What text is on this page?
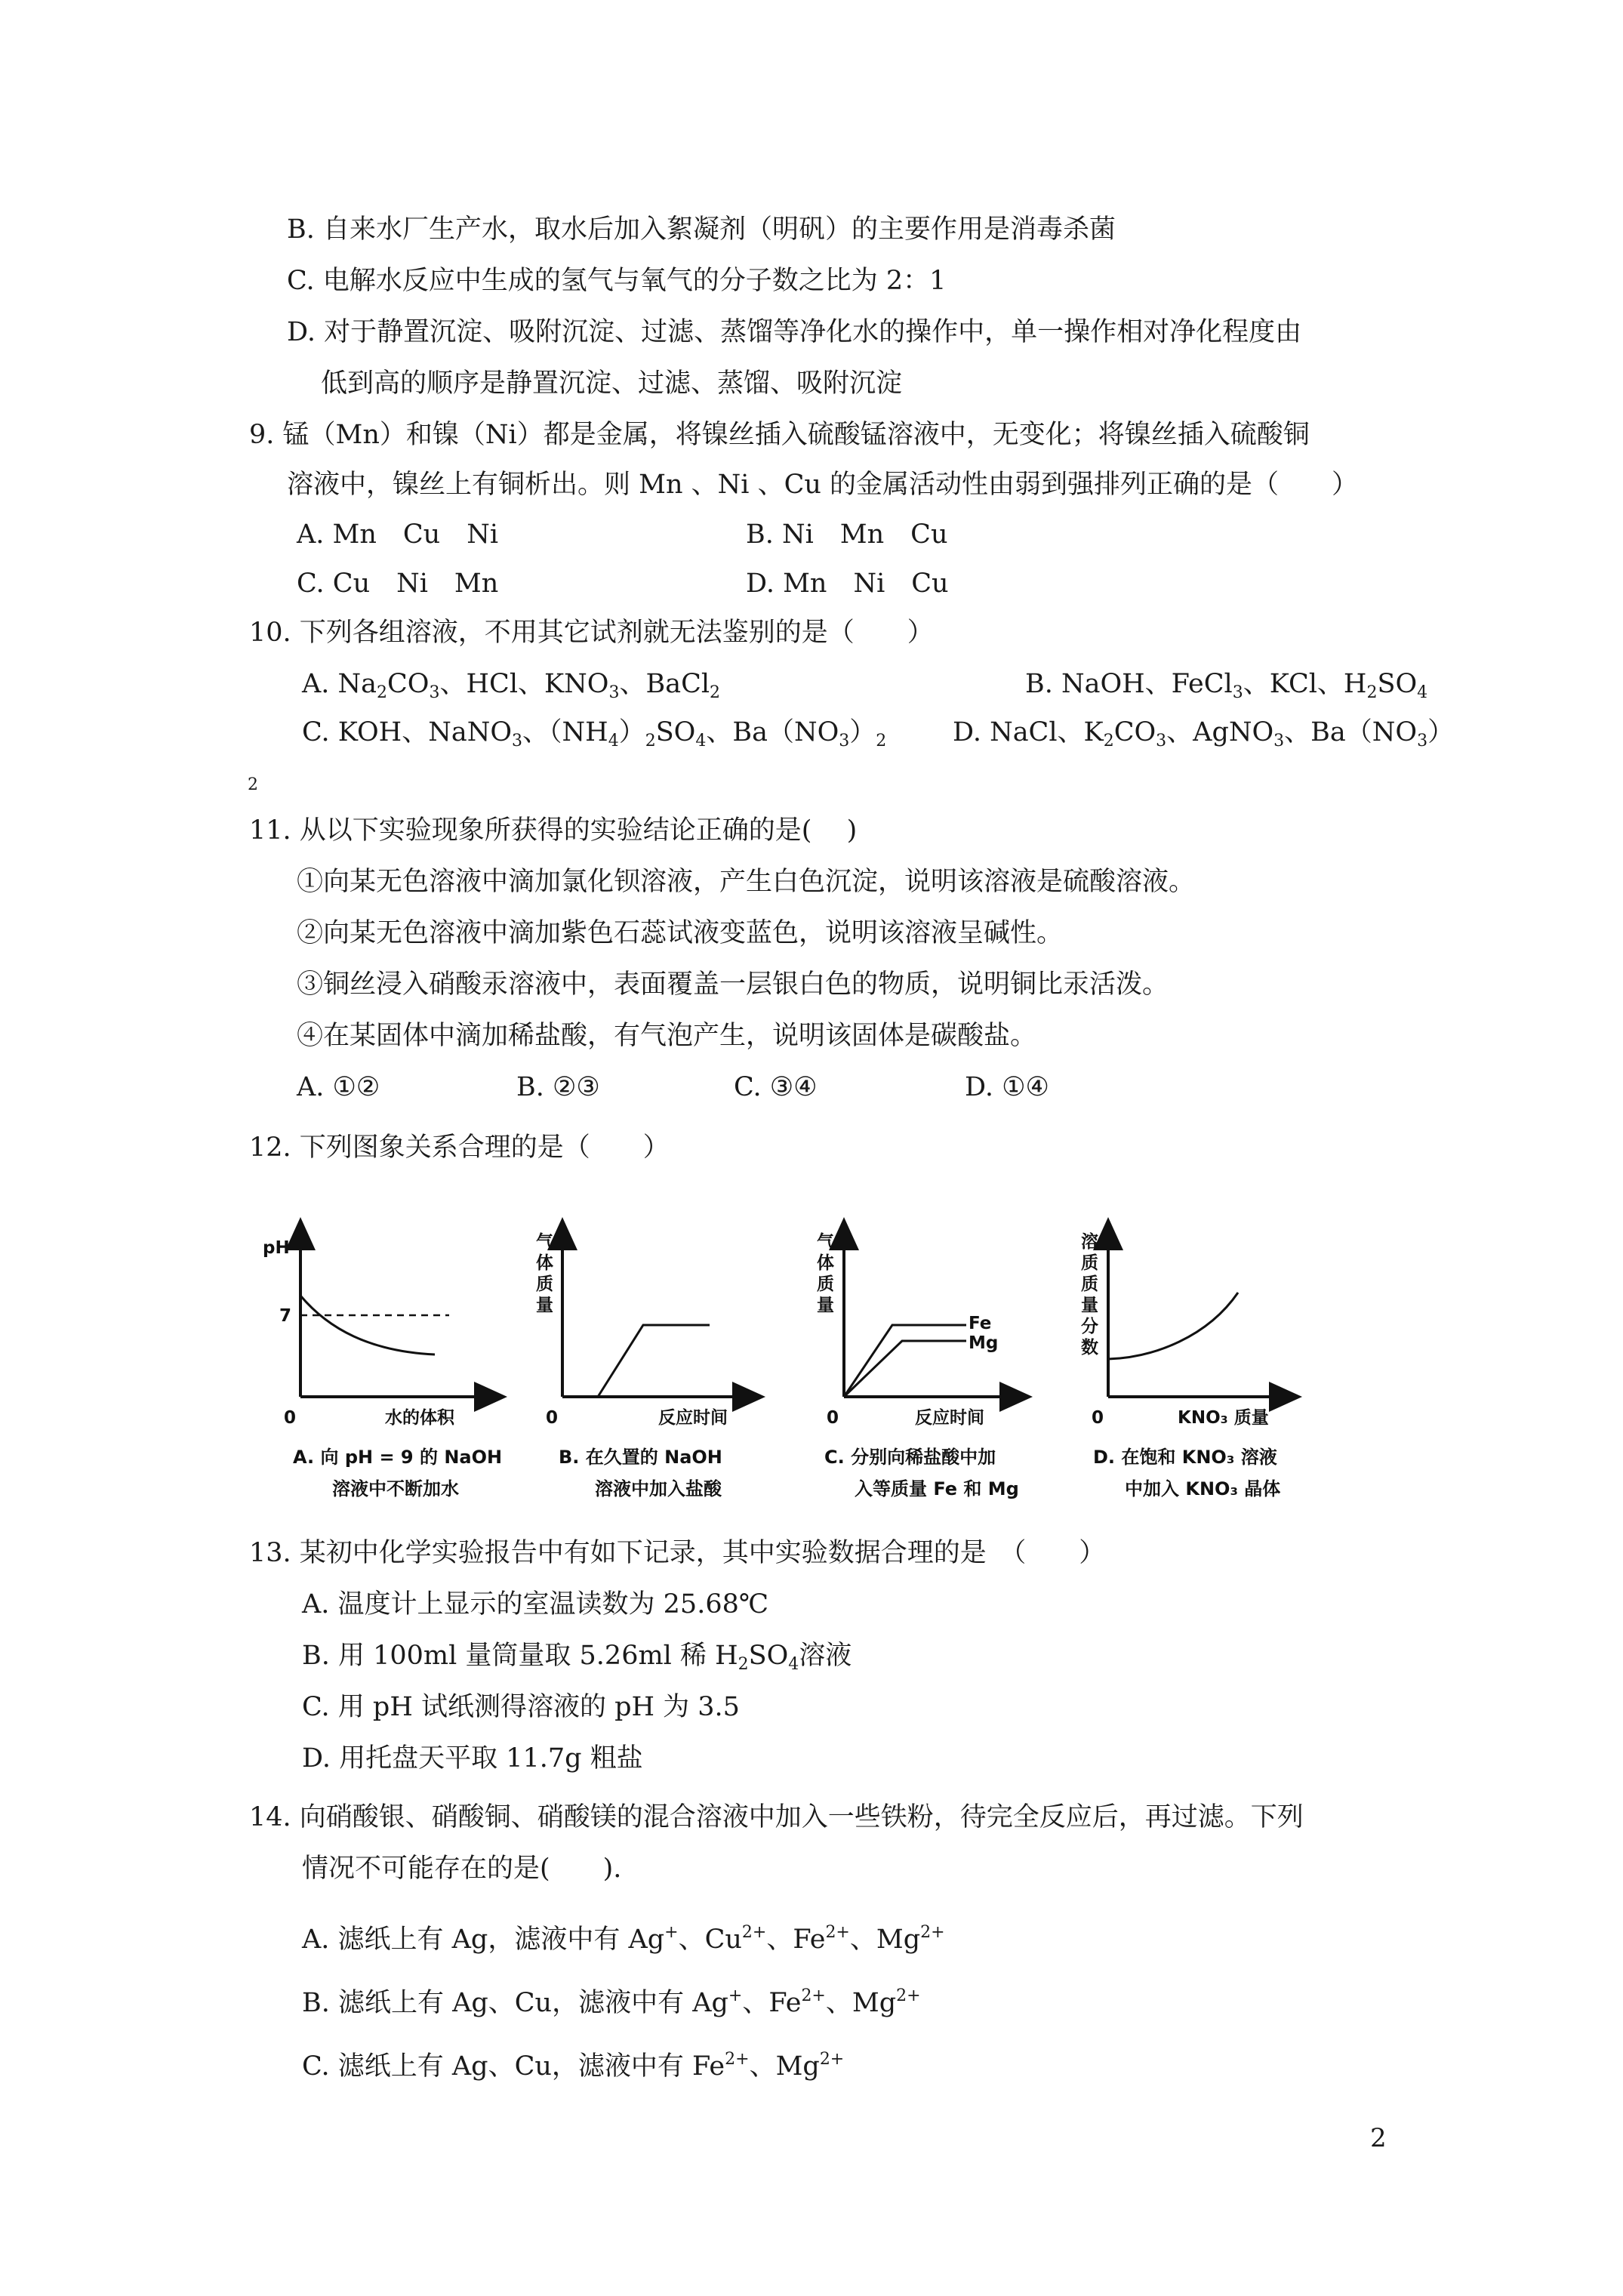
B. 自来水厂生产水，取水后加入絮凝剂（明矾）的主要作用是消毒杀菌
C. 电解水反应中生成的氢气与氧气的分子数之比为 2：1
D. 对于静置沉淀、吸附沉淀、过滤、蒸馏等净化水的操作中，单一操作相对净化程度由
低到高的顺序是静置沉淀、过滤、蒸馏、吸附沉淀
9. 锰（Mn）和镍（Ni）都是金属，将镍丝插入硫酸锰溶液中，无变化；将镍丝插入硫酸铜
溶液中，镍丝上有铜析出。则 Mn 、Ni 、Cu 的金属活动性由弱到强排列正确的是（　　）
A. Mn　Cu　Ni	B. Ni　Mn　Cu
C. Cu　Ni　Mn	D. Mn　Ni　Cu
10. 下列各组溶液，不用其它试剂就无法鉴别的是（　　）
A. $Na_2CO_3$、HCl、$KNO_3$、BaCl$_2$	B. NaOH、FeCl$_3$、KCl、$H_2SO_4$
C. KOH、NaNO$_3$、$(NH_4)_2SO_4$、$Ba(NO_3)_2$	D. NaCl、$K_2CO_3$、AgNO$_3$、$Ba(NO_3)$
2
11. 从以下实验现象所获得的实验结论正确的是(　 )
①向某无色溶液中滴加氯化钡溶液，产生白色沉淀，说明该溶液是硫酸溶液。
②向某无色溶液中滴加紫色石蕊试液变蓝色，说明该溶液呈碱性。
③铜丝浸入硝酸汞溶液中，表面覆盖一层银白色的物质，说明铜比汞活泼。
④在某固体中滴加稀盐酸，有气泡产生，说明该固体是碳酸盐。
A. ①②	B. ②③	C. ③④	D. ①④
12. 下列图象关系合理的是（　　）
pH
7
0	水的体积
A. 向 pH = 9 的 NaOH
溶液中不断加水
气
体
质
量
0	反应时间
B. 在久置的 NaOH
溶液中加入盐酸
气
体
质
量
Fe
Mg
0	反应时间
C. 分别向稀盐酸中加
入等质量 Fe 和 Mg
溶
质
质
量
分
数
0	KNO₃ 质量
D. 在饱和 KNO₃ 溶液
中加入 KNO₃ 晶体
13. 某初中化学实验报告中有如下记录，其中实验数据合理的是　（　　）
A. 温度计上显示的室温读数为 25.68℃
B. 用 100ml 量筒量取 5.26ml 稀 $H_2SO_4$溶液
C. 用 pH 试纸测得溶液的 pH 为 3.5
D. 用托盘天平取 11.7g 粗盐
14. 向硝酸银、硝酸铜、硝酸镁的混合溶液中加入一些铁粉，待完全反应后，再过滤。下列
情况不可能存在的是(　　).
A. 滤纸上有 Ag，滤液中有 Ag+、$Cu^{2+}$、$Fe^{2+}$、$Mg^{2+}$
B. 滤纸上有 Ag、Cu，滤液中有 Ag+、$Fe^{2+}$、$Mg^{2+}$
C. 滤纸上有 Ag、Cu，滤液中有 $Fe^{2+}$、$Mg^{2+}$
2
